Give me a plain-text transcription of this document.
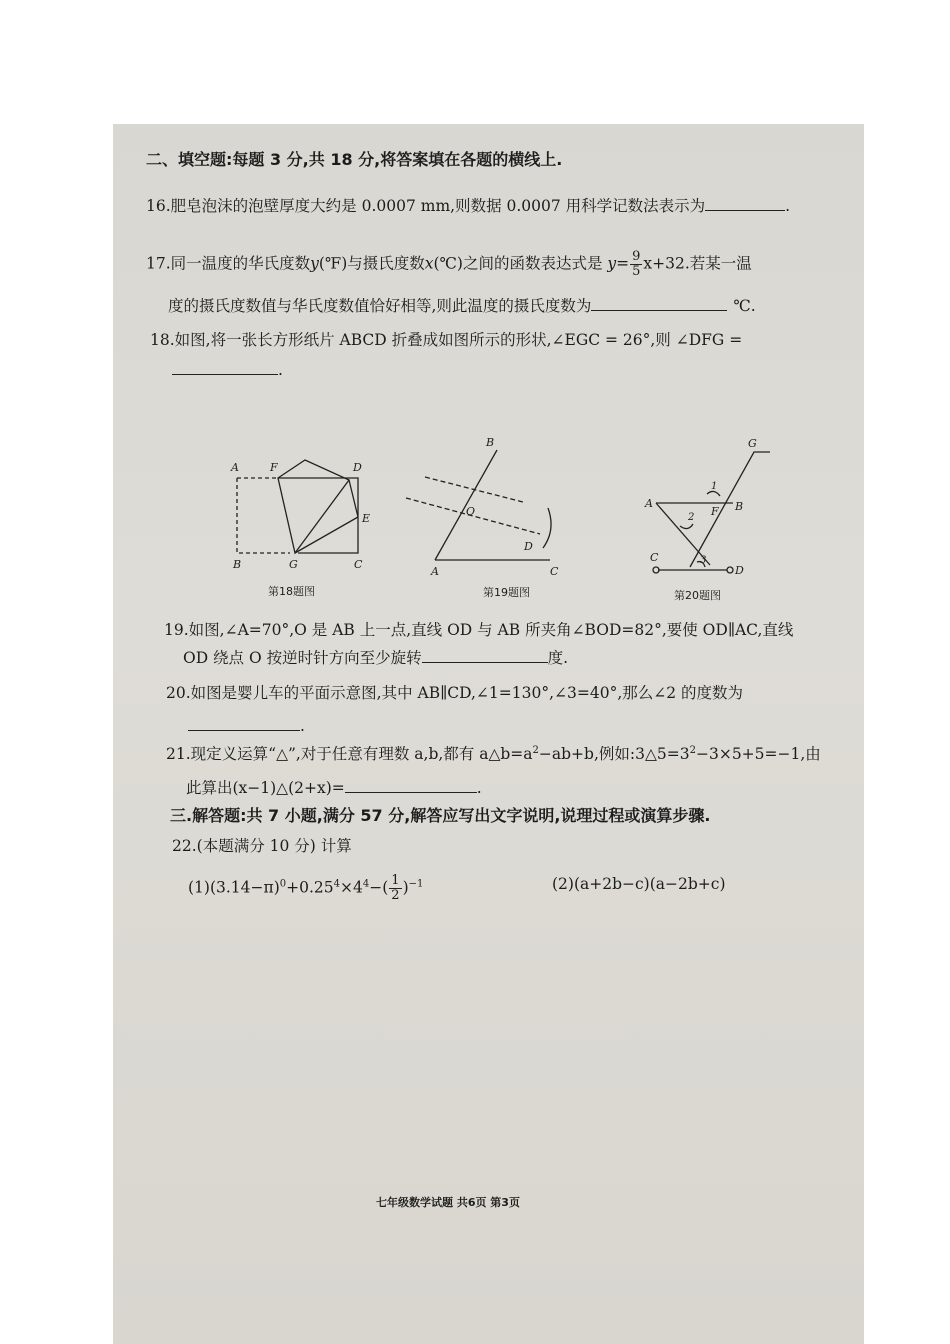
二、填空题:每题 3 分,共 18 分,将答案填在各题的横线上.
16.肥皂泡沫的泡壁厚度大约是 0.0007 mm,则数据 0.0007 用科学记数法表示为	.
17.同一温度的华氏度数y(℉)与摄氏度数x(℃)之间的函数表达式是 $y= \frac{9}{5} x+32$.若某一温
度的摄氏度数值与华氏度数值恰好相等,则此温度的摄氏度数为	℃.
18.如图,将一张长方形纸片 ABCD 折叠成如图所示的形状,∠EGC = 26°,则 ∠DFG =
.
A	F	D
E
B	G	C
B
O
D
A	C
G
1
A
F B
2
C	3
D
第18题图	第19题图	第20题图
19.如图,∠A=70°,O 是 AB 上一点,直线 OD 与 AB 所夹角∠BOD=82°,要使 OD∥AC,直线
OD 绕点 O 按逆时针方向至少旋转	度.
20.如图是婴儿车的平面示意图,其中 AB∥CD,∠1=130°,∠3=40°,那么∠2 的度数为
.
21.现定义运算“△”,对于任意有理数 a,b,都有 $a\triangle b=a^2-ab+b$,例如$:3\triangle 5=3^2-3\times 5+5=-1$,由
此算出(x−1)△(2+x)=	.
三.解答题:共 7 小题,满分 57 分,解答应写出文字说明,说理过程或演算步骤.
22.(本题满分 10 分) 计算
$(1)(3.14-\pi)^0+0.25^4\times 4^4-( \frac{1}{2} )^{-1}$	(2)(a+2b−c)(a−2b+c)
七年级数学试题 共6页 第3页
